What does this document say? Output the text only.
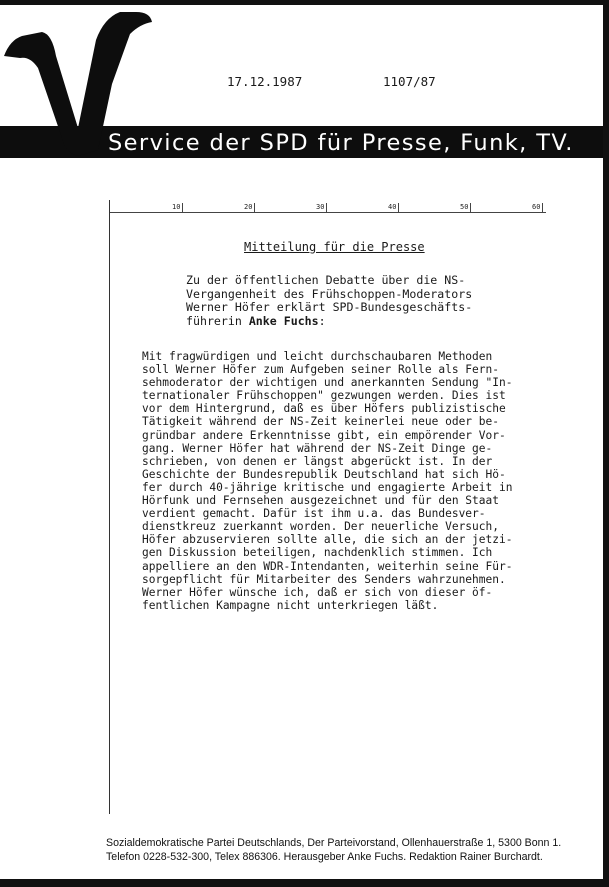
Service der SPD für Presse, Funk, TV.
17.12.1987	1107/87
10	20	30	40	50	60
Mitteilung für die Presse
Zu der öffentlichen Debatte über die NS-
Vergangenheit des Frühschoppen-Moderators
Werner Höfer erklärt SPD-Bundesgeschäfts-
führerin Anke Fuchs:
Mit fragwürdigen und leicht durchschaubaren Methoden
soll Werner Höfer zum Aufgeben seiner Rolle als Fern-
sehmoderator der wichtigen und anerkannten Sendung "In-
ternationaler Frühschoppen" gezwungen werden. Dies ist
vor dem Hintergrund, daß es über Höfers publizistische
Tätigkeit während der NS-Zeit keinerlei neue oder be-
gründbar andere Erkenntnisse gibt, ein empörender Vor-
gang. Werner Höfer hat während der NS-Zeit Dinge ge-
schrieben, von denen er längst abgerückt ist. In der
Geschichte der Bundesrepublik Deutschland hat sich Hö-
fer durch 40-jährige kritische und engagierte Arbeit in
Hörfunk und Fernsehen ausgezeichnet und für den Staat
verdient gemacht. Dafür ist ihm u.a. das Bundesver-
dienstkreuz zuerkannt worden. Der neuerliche Versuch,
Höfer abzuservieren sollte alle, die sich an der jetzi-
gen Diskussion beteiligen, nachdenklich stimmen. Ich
appelliere an den WDR-Intendanten, weiterhin seine Für-
sorgepflicht für Mitarbeiter des Senders wahrzunehmen.
Werner Höfer wünsche ich, daß er sich von dieser öf-
fentlichen Kampagne nicht unterkriegen läßt.
Sozialdemokratische Partei Deutschlands, Der Parteivorstand, Ollenhauerstraße 1, 5300 Bonn 1.
Telefon 0228-532-300, Telex 886306. Herausgeber Anke Fuchs. Redaktion Rainer Burchardt.
